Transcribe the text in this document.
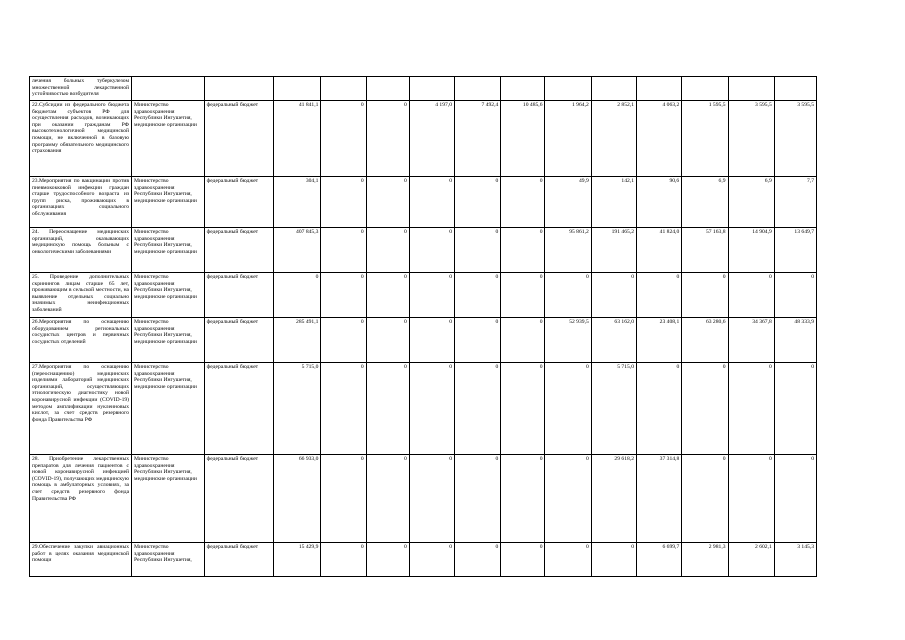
лечения больных туберкулезом множественной лекарственной устойчивостью возбудителя														
22.Субсидии из федерального бюджета бюджетам субъектов РФ для осуществления расходов, возникающих при оказании гражданам РФ высокотехнологичной медицинской помощи, не включенной в базовую программу обязательного медицинского страхования	Министерство здравоохранения Республики Ингушетия, медицинские организации	федеральный бюджет	41 841,1	0	0	4 197,0	7 492,4	10 485,6	1 964,2	2 852,1	4 063,2	1 595,5	3 595,5	3 595,5
23.Мероприятия по вакцинации против пневмококковой инфекции граждан старше трудоспособного возраста из групп риска, проживающих в организациях социального обслуживания	Министерство здравоохранения Республики Ингушетия, медицинские организации	федеральный бюджет	304,1	0	0	0	0	0	49,9	142,1	90,6	6,9	6,9	7,7
24. Переоснащение медицинских организаций, оказывающих медицинскую помощь больным с онкологическими заболеваниями	Министерство здравоохранения Республики Ингушетия, медицинские организации	федеральный бюджет	407 845,3	0	0	0	0	0	95 861,2	191 465,2	41 824,0	57 163,8	14 904,9	13 649,7
25. Проведение дополнительных скринингов лицам старше 65 лет, проживающим в сельской местности, на выявление отдельных социально значимых неинфекционных заболеваний	Министерство здравоохранения Республики Ингушетия, медицинские организации	федеральный бюджет	0	0	0	0	0	0	0	0	0	0	0	0
26.Мероприятия по оснащению оборудованием региональных сосудистых центров и первичных сосудистых отделений	Министерство здравоохранения Республики Ингушетия, медицинские организации	федеральный бюджет	285 491,1	0	0	0	0	0	52 939,5	63 162,0	23 408,1	63 280,6	34 367,8	48 333,9
27.Мероприятия по оснащению (переоснащению) медицинских изделиями лабораторий медицинских организаций, осуществляющих этиологическую диагностику новой коронавирусной инфекции (COVID-19) методом амплификации нуклеиновых кислот, за счет средств резервного фонда Правительства РФ	Министерство здравоохранения Республики Ингушетия, медицинские организации	федеральный бюджет	5 715,0	0	0	0	0	0	0	5 715,0	0	0	0	0
28. Приобретение лекарственных препаратов для лечения пациентов с новой коронавирусной инфекцией (COVID-19), получающих медицинскую помощь в амбулаторных условиях, за счет средств резервного фонда Правительства РФ	Министерство здравоохранения Республики Ингушетия, медицинские организации	федеральный бюджет	66 933,0	0	0	0	0	0	0	29 618,2	37 314,8	0	0	0
29.Обеспечение закупки авиационных работ в целях оказания медицинской помощи	Министерство здравоохранения Республики Ингушетия,	федеральный бюджет	15 429,9	0	0	0	0	0	0	0	6 699,7	2 981,3	2 602,1	3 145,3
